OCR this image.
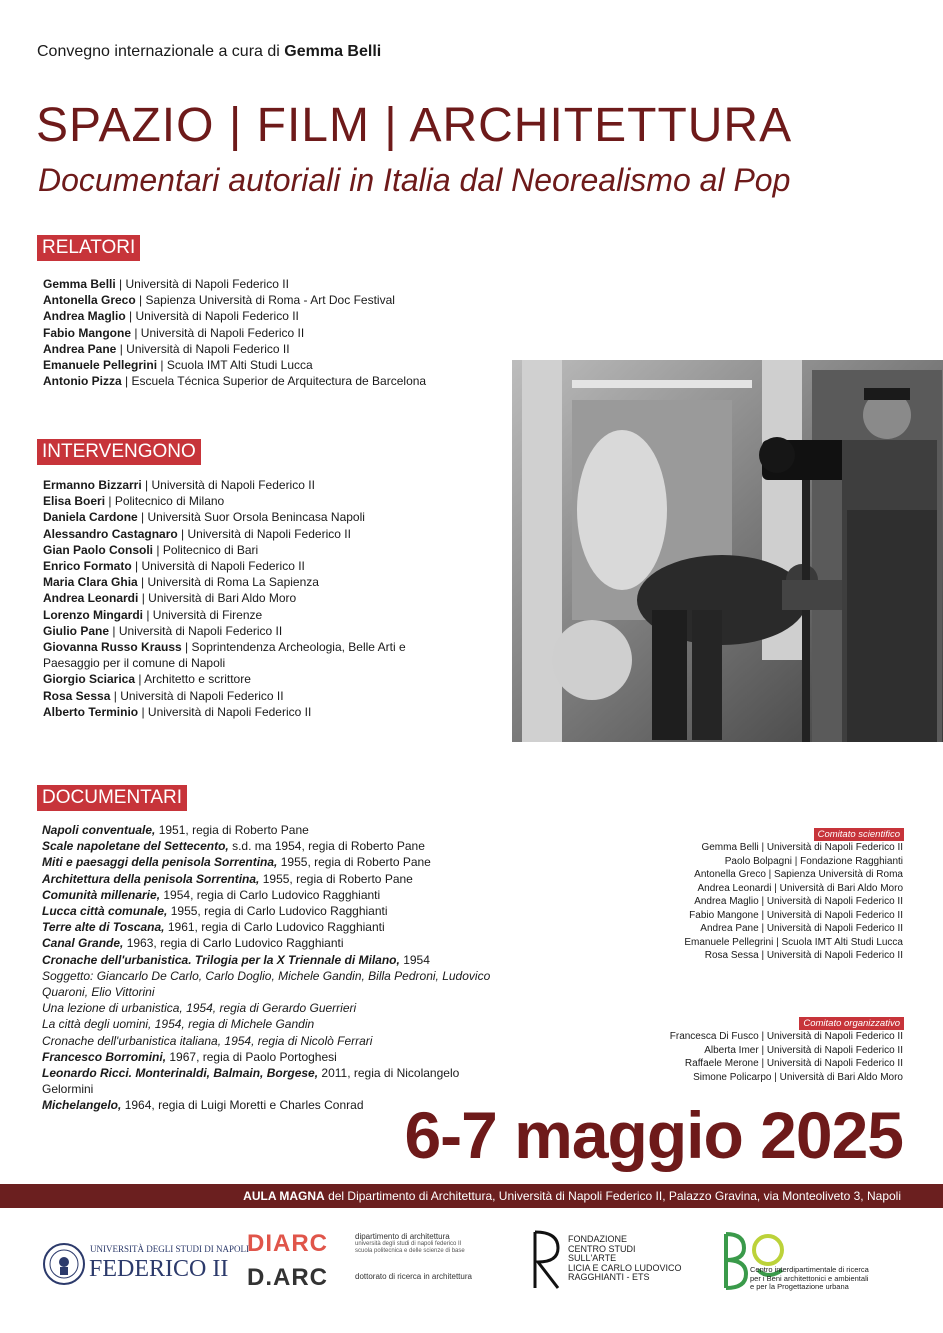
Convegno internazionale a cura di Gemma Belli
SPAZIO | FILM | ARCHITETTURA
Documentari autoriali in Italia dal Neorealismo al Pop
RELATORI
Gemma Belli | Università di Napoli Federico II
Antonella Greco | Sapienza Università di Roma - Art Doc Festival
Andrea Maglio | Università di Napoli Federico II
Fabio Mangone | Università di Napoli Federico II
Andrea Pane | Università di Napoli Federico II
Emanuele Pellegrini | Scuola IMT Alti Studi Lucca
Antonio Pizza | Escuela Técnica Superior de Arquitectura de Barcelona
INTERVENGONO
Ermanno Bizzarri | Università di Napoli Federico II
Elisa Boeri | Politecnico di Milano
Daniela Cardone | Università Suor Orsola Benincasa Napoli
Alessandro Castagnaro | Università di Napoli Federico II
Gian Paolo Consoli | Politecnico di Bari
Enrico Formato | Università di Napoli Federico II
Maria Clara Ghia | Università di Roma La Sapienza
Andrea Leonardi | Università di Bari Aldo Moro
Lorenzo Mingardi | Università di Firenze
Giulio Pane | Università di Napoli Federico II
Giovanna Russo Krauss | Soprintendenza Archeologia, Belle Arti e
Paesaggio per il comune di Napoli
Giorgio Sciarica | Architetto e scrittore
Rosa Sessa | Università di Napoli Federico II
Alberto Terminio | Università di Napoli Federico II
DOCUMENTARI
Napoli conventuale, 1951, regia di Roberto Pane
Scale napoletane del Settecento, s.d. ma 1954, regia di Roberto Pane
Miti e paesaggi della penisola Sorrentina, 1955, regia di Roberto Pane
Architettura della penisola Sorrentina, 1955, regia di Roberto Pane
Comunità millenarie, 1954, regia di Carlo Ludovico Ragghianti
Lucca città comunale, 1955, regia di Carlo Ludovico Ragghianti
Terre alte di Toscana, 1961, regia di Carlo Ludovico Ragghianti
Canal Grande, 1963, regia di Carlo Ludovico Ragghianti
Cronache dell'urbanistica. Trilogia per la X Triennale di Milano, 1954
Soggetto: Giancarlo De Carlo, Carlo Doglio, Michele Gandin, Billa Pedroni, Ludovico Quaroni, Elio Vittorini
Una lezione di urbanistica, 1954, regia di Gerardo Guerrieri
La città degli uomini, 1954, regia di Michele Gandin
Cronache dell'urbanistica italiana, 1954, regia di Nicolò Ferrari
Francesco Borromini, 1967, regia di Paolo Portoghesi
Leonardo Ricci. Monterinaldi, Balmain, Borgese, 2011, regia di Nicolangelo Gelormini
Michelangelo, 1964, regia di Luigi Moretti e Charles Conrad
Comitato scientifico
Gemma Belli | Università di Napoli Federico II
Paolo Bolpagni | Fondazione Ragghianti
Antonella Greco | Sapienza Università di Roma
Andrea Leonardi | Università di Bari Aldo Moro
Andrea Maglio | Università di Napoli Federico II
Fabio Mangone | Università di Napoli Federico II
Andrea Pane | Università di Napoli Federico II
Emanuele Pellegrini | Scuola IMT Alti Studi Lucca
Rosa Sessa | Università di Napoli Federico II
Comitato organizzativo
Francesca Di Fusco | Università di Napoli Federico II
Alberta Imer | Università di Napoli Federico II
Raffaele Merone | Università di Napoli Federico II
Simone Policarpo | Università di Bari Aldo Moro
6-7 maggio 2025
AULA MAGNA del Dipartimento di Architettura, Università di Napoli Federico II, Palazzo Gravina, via Monteoliveto 3, Napoli
UNIVERSITÀ DEGLI STUDI DI NAPOLI
FEDERICO II
DIARC	dipartimento di architettura
università degli studi di napoli federico II
scuola politecnica e delle scienze di base
D.ARC	dottorato di ricerca in architettura
FONDAZIONE
CENTRO STUDI
SULL'ARTE
LICIA E CARLO LUDOVICO
RAGGHIANTI - ETS
Centro interdipartimentale di ricerca
per i Beni architettonici e ambientali
e per la Progettazione urbana
